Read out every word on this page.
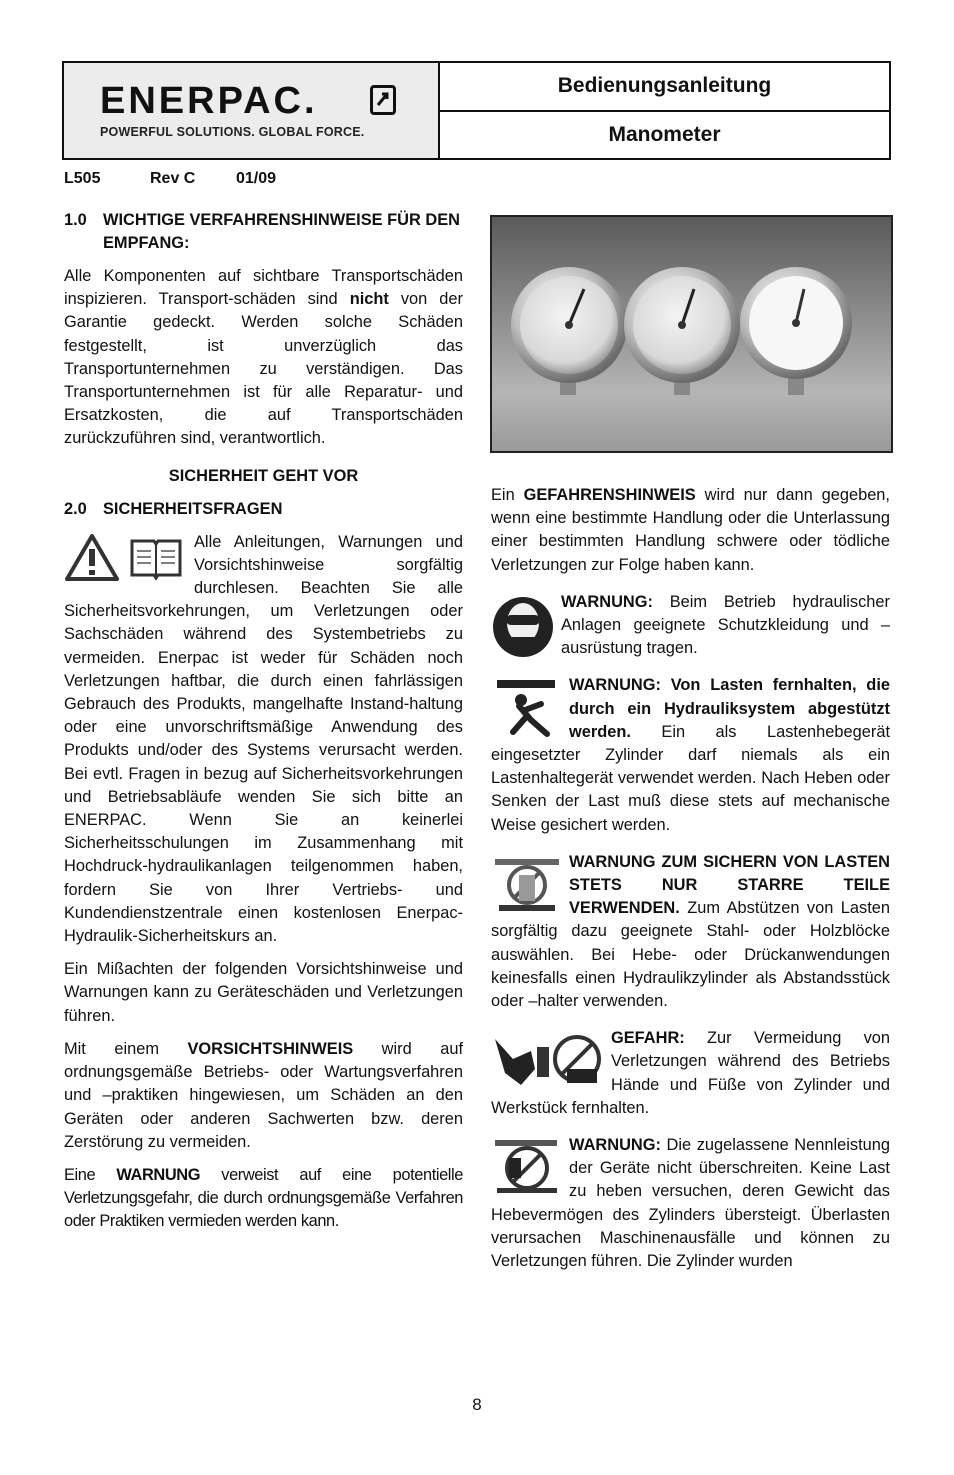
ENERPAC.
POWERFUL SOLUTIONS. GLOBAL FORCE.
Bedienungsanleitung
Manometer
L505	Rev C	01/09
1.0 WICHTIGE VERFAHRENSHINWEISE FÜR DEN EMPFANG:

Alle Komponenten auf sichtbare Transportschäden inspizieren. Transport-schäden sind nicht von der Garantie gedeckt. Werden solche Schäden festgestellt, ist unverzüglich das Transportunternehmen zu verständigen. Das Transportunternehmen ist für alle Reparatur- und Ersatzkosten, die auf Transportschäden zurückzuführen sind, verantwortlich.

SICHERHEIT GEHT VOR
2.0 SICHERHEITSFRAGEN

Alle Anleitungen, Warnungen und Vorsichtshinweise sorgfältig durchlesen. Beachten Sie alle Sicherheitsvorkehrungen, um Verletzungen oder Sachschäden während des Systembetriebs zu vermeiden. Enerpac ist weder für Schäden noch Verletzungen haftbar, die durch einen fahrlässigen Gebrauch des Produkts, mangelhafte Instand-haltung oder eine unvorschriftsmäßige Anwendung des Produkts und/oder des Systems verursacht werden. Bei evtl. Fragen in bezug auf Sicherheitsvorkehrungen und Betriebsabläufe wenden Sie sich bitte an ENERPAC. Wenn Sie an keinerlei Sicherheitsschulungen im Zusammenhang mit Hochdruck-hydraulikanlagen teilgenommen haben, fordern Sie von Ihrer Vertriebs- und Kundendienstzentrale einen kostenlosen Enerpac-Hydraulik-Sicherheitskurs an.

Ein Mißachten der folgenden Vorsichtshinweise und Warnungen kann zu Geräteschäden und Verletzungen führen.

Mit einem VORSICHTSHINWEIS wird auf ordnungsgemäße Betriebs- oder Wartungsverfahren und –praktiken hingewiesen, um Schäden an den Geräten oder anderen Sachwerten bzw. deren Zerstörung zu vermeiden.

Eine WARNUNG verweist auf eine potentielle Verletzungsgefahr, die durch ordnungsgemäße Verfahren oder Praktiken vermieden werden kann.

Ein GEFAHRENSHINWEIS wird nur dann gegeben, wenn eine bestimmte Handlung oder die Unterlassung einer bestimmten Handlung schwere oder tödliche Verletzungen zur Folge haben kann.

WARNUNG: Beim Betrieb hydraulischer Anlagen geeignete Schutzkleidung und –ausrüstung tragen.

WARNUNG: Von Lasten fernhalten, die durch ein Hydrauliksystem abgestützt werden. Ein als Lastenhebegerät eingesetzter Zylinder darf niemals als ein Lastenhaltegerät verwendet werden. Nach Heben oder Senken der Last muß diese stets auf mechanische Weise gesichert werden.

WARNUNG ZUM SICHERN VON LASTEN STETS NUR STARRE TEILE VERWENDEN. Zum Abstützen von Lasten sorgfältig dazu geeignete Stahl- oder Holzblöcke auswählen. Bei Hebe- oder Drückanwendungen keinesfalls einen Hydraulikzylinder als Abstandsstück oder –halter verwenden.

GEFAHR: Zur Vermeidung von Verletzungen während des Betriebs Hände und Füße von Zylinder und Werkstück fernhalten.

WARNUNG: Die zugelassene Nennleistung der Geräte nicht überschreiten. Keine Last zu heben versuchen, deren Gewicht das Hebevermögen des Zylinders übersteigt. Überlasten verursachen Maschinenausfälle und können zu Verletzungen führen. Die Zylinder wurden

8
